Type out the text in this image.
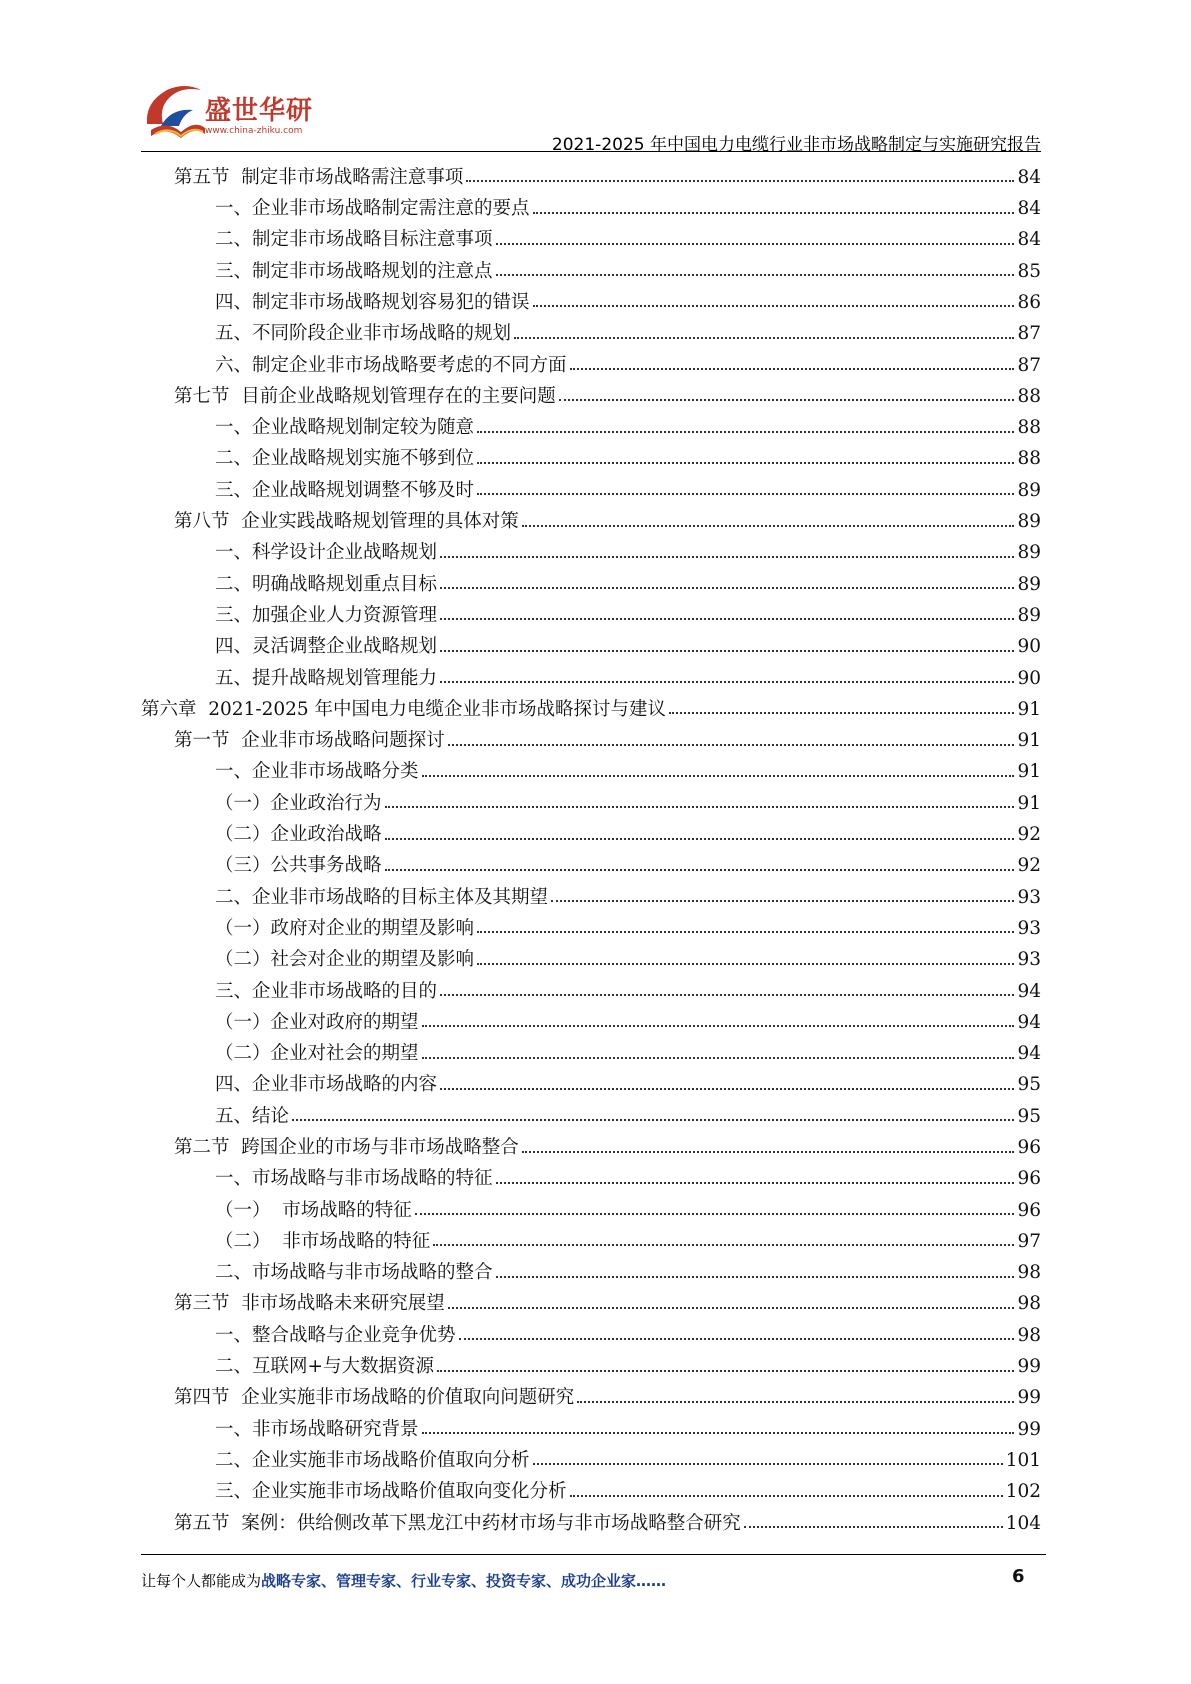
盛世华研
www.china-zhiku.com
2021-2025 年中国电力电缆行业非市场战略制定与实施研究报告
第五节  制定非市场战略需注意事项	84
一、企业非市场战略制定需注意的要点	84
二、制定非市场战略目标注意事项	84
三、制定非市场战略规划的注意点	85
四、制定非市场战略规划容易犯的错误	86
五、不同阶段企业非市场战略的规划	87
六、制定企业非市场战略要考虑的不同方面	87
第七节  目前企业战略规划管理存在的主要问题	88
一、企业战略规划制定较为随意	88
二、企业战略规划实施不够到位	88
三、企业战略规划调整不够及时	89
第八节  企业实践战略规划管理的具体对策	89
一、科学设计企业战略规划	89
二、明确战略规划重点目标	89
三、加强企业人力资源管理	89
四、灵活调整企业战略规划	90
五、提升战略规划管理能力	90
第六章  2021-2025 年中国电力电缆企业非市场战略探讨与建议	91
第一节  企业非市场战略问题探讨	91
一、企业非市场战略分类	91
（一）企业政治行为	91
（二）企业政治战略	92
（三）公共事务战略	92
二、企业非市场战略的目标主体及其期望	93
（一）政府对企业的期望及影响	93
（二）社会对企业的期望及影响	93
三、企业非市场战略的目的	94
（一）企业对政府的期望	94
（二）企业对社会的期望	94
四、企业非市场战略的内容	95
五、结论	95
第二节  跨国企业的市场与非市场战略整合	96
一、市场战略与非市场战略的特征	96
（一）  市场战略的特征	96
（二）  非市场战略的特征	97
二、市场战略与非市场战略的整合	98
第三节  非市场战略未来研究展望	98
一、整合战略与企业竞争优势	98
二、互联网+与大数据资源	99
第四节  企业实施非市场战略的价值取向问题研究	99
一、非市场战略研究背景	99
二、企业实施非市场战略价值取向分析	101
三、企业实施非市场战略价值取向变化分析	102
第五节  案例：供给侧改革下黑龙江中药材市场与非市场战略整合研究	104
让每个人都能成为战略专家、管理专家、行业专家、投资专家、成功企业家……	6
